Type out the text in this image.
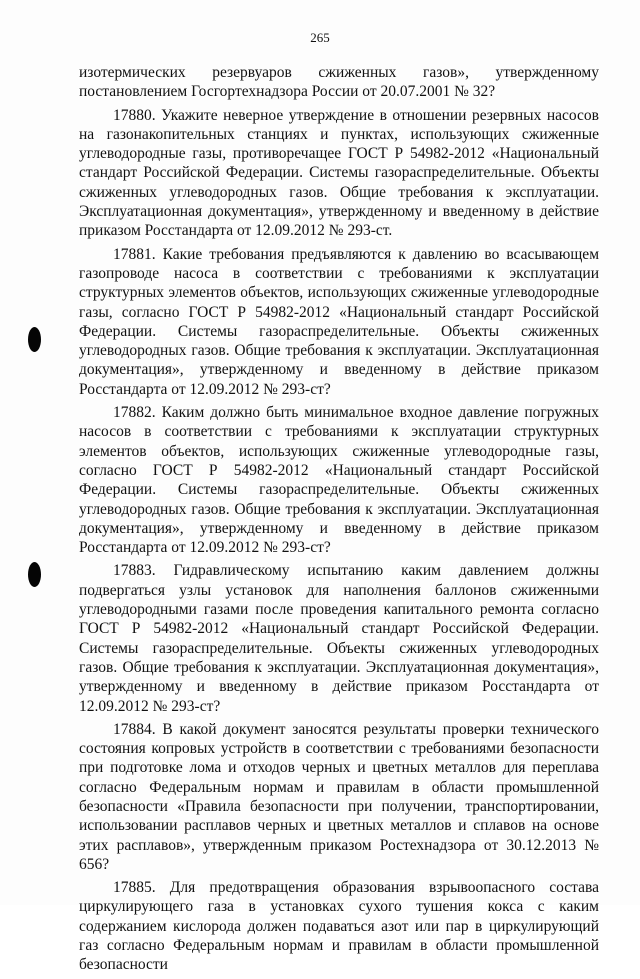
265

изотермических резервуаров сжиженных газов», утвержденному постановлением Госгортехнадзора России от 20.07.2001 № 32?

17880. Укажите неверное утверждение в отношении резервных насосов на газонакопительных станциях и пунктах, использующих сжиженные углеводородные газы, противоречащее ГОСТ Р 54982-2012 «Национальный стандарт Российской Федерации. Системы газораспределительные. Объекты сжиженных углеводородных газов. Общие требования к эксплуатации. Эксплуатационная документация», утвержденному и введенному в действие приказом Росстандарта от 12.09.2012 № 293-ст.

17881. Какие требования предъявляются к давлению во всасывающем газопроводе насоса в соответствии с требованиями к эксплуатации структурных элементов объектов, использующих сжиженные углеводородные газы, согласно ГОСТ Р 54982-2012 «Национальный стандарт Российской Федерации. Системы газораспределительные. Объекты сжиженных углеводородных газов. Общие требования к эксплуатации. Эксплуатационная документация», утвержденному и введенному в действие приказом Росстандарта от 12.09.2012 № 293-ст?

17882. Каким должно быть минимальное входное давление погружных насосов в соответствии с требованиями к эксплуатации структурных элементов объектов, использующих сжиженные углеводородные газы, согласно ГОСТ Р 54982-2012 «Национальный стандарт Российской Федерации. Системы газораспределительные. Объекты сжиженных углеводородных газов. Общие требования к эксплуатации. Эксплуатационная документация», утвержденному и введенному в действие приказом Росстандарта от 12.09.2012 № 293-ст?

17883. Гидравлическому испытанию каким давлением должны подвергаться узлы установок для наполнения баллонов сжиженными углеводородными газами после проведения капитального ремонта согласно ГОСТ Р 54982-2012 «Национальный стандарт Российской Федерации. Системы газораспределительные. Объекты сжиженных углеводородных газов. Общие требования к эксплуатации. Эксплуатационная документация», утвержденному и введенному в действие приказом Росстандарта от 12.09.2012 № 293-ст?

17884. В какой документ заносятся результаты проверки технического состояния копровых устройств в соответствии с требованиями безопасности при подготовке лома и отходов черных и цветных металлов для переплава согласно Федеральным нормам и правилам в области промышленной безопасности «Правила безопасности при получении, транспортировании, использовании расплавов черных и цветных металлов и сплавов на основе этих расплавов», утвержденным приказом Ростехнадзора от 30.12.2013 № 656?

17885. Для предотвращения образования взрывоопасного состава циркулирующего газа в установках сухого тушения кокса с каким содержанием кислорода должен подаваться азот или пар в циркулирующий газ согласно Федеральным нормам и правилам в области промышленной безопасности
